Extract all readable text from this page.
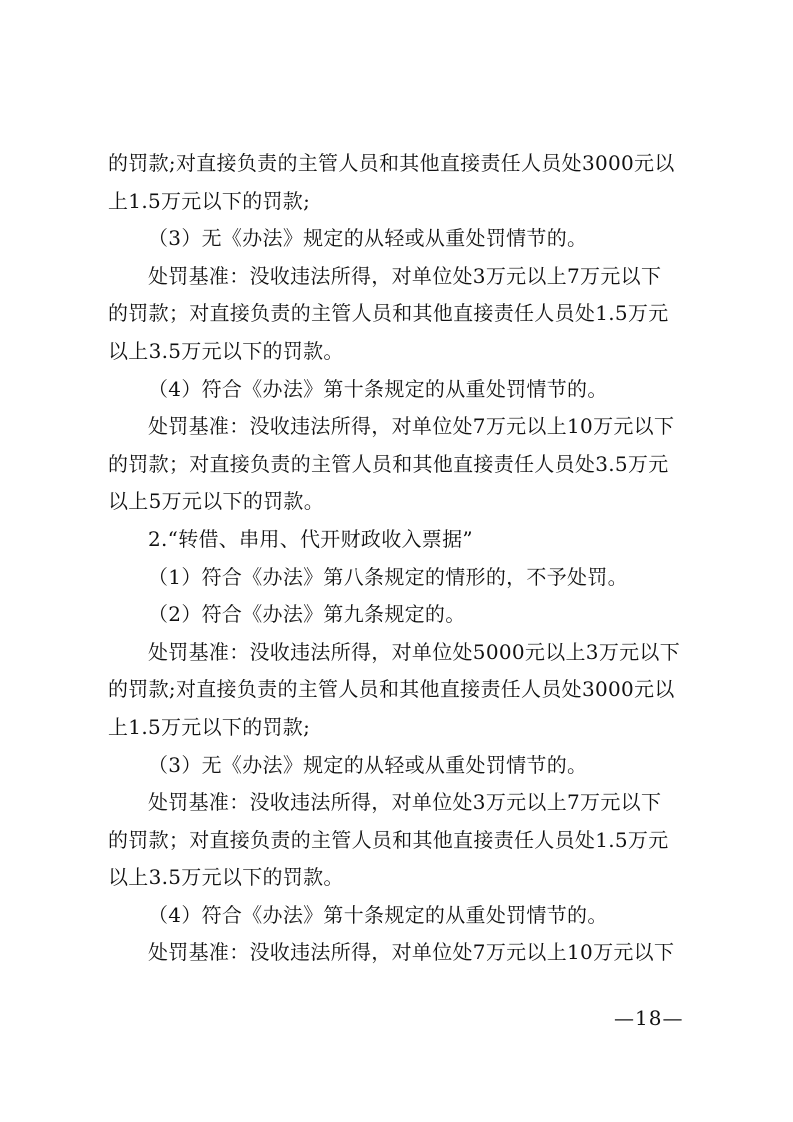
的罚款;对直接负责的主管人员和其他直接责任人员处3000元以
上1.5万元以下的罚款;
（3）无《办法》规定的从轻或从重处罚情节的。
处罚基准：没收违法所得，对单位处3万元以上7万元以下
的罚款；对直接负责的主管人员和其他直接责任人员处1.5万元
以上3.5万元以下的罚款。
（4）符合《办法》第十条规定的从重处罚情节的。
处罚基准：没收违法所得，对单位处7万元以上10万元以下
的罚款；对直接负责的主管人员和其他直接责任人员处3.5万元
以上5万元以下的罚款。
2.“转借、串用、代开财政收入票据”
（1）符合《办法》第八条规定的情形的，不予处罚。
（2）符合《办法》第九条规定的。
处罚基准：没收违法所得，对单位处5000元以上3万元以下
的罚款;对直接负责的主管人员和其他直接责任人员处3000元以
上1.5万元以下的罚款;
（3）无《办法》规定的从轻或从重处罚情节的。
处罚基准：没收违法所得，对单位处3万元以上7万元以下
的罚款；对直接负责的主管人员和其他直接责任人员处1.5万元
以上3.5万元以下的罚款。
（4）符合《办法》第十条规定的从重处罚情节的。
处罚基准：没收违法所得，对单位处7万元以上10万元以下
—18—
